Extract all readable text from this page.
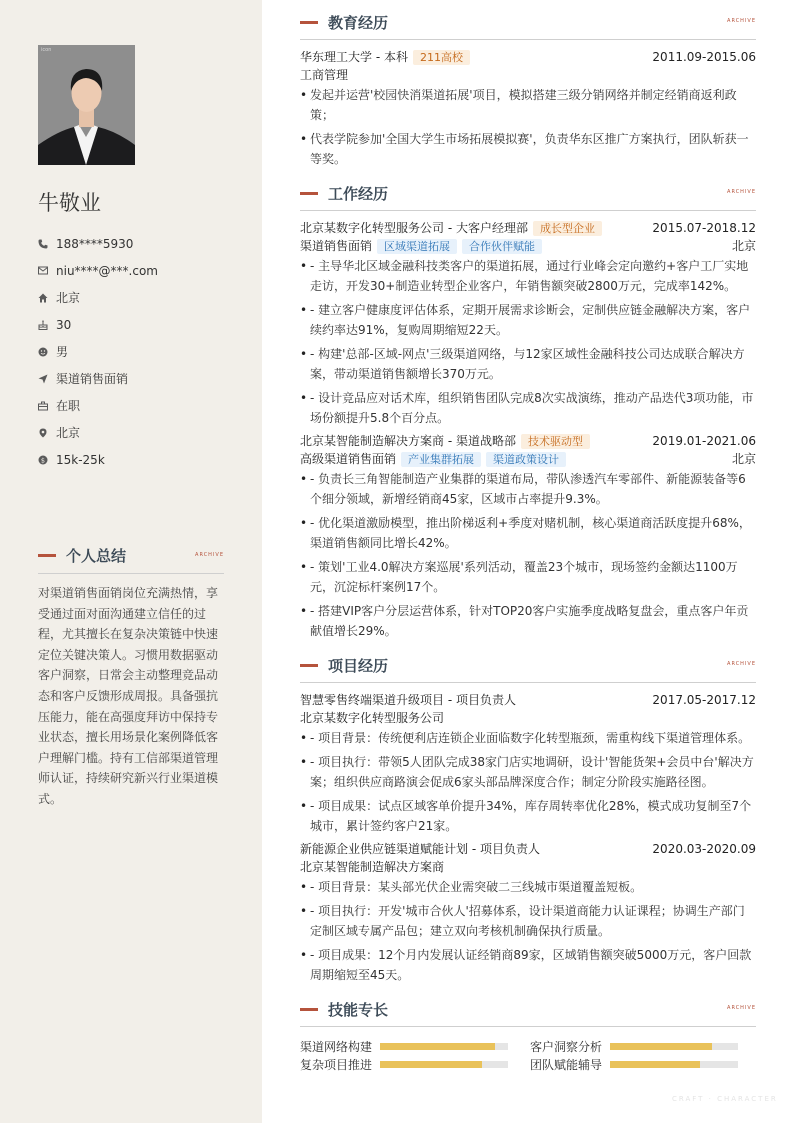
icon
牛敬业
188****5930
niu****@***.com
北京
30
男
渠道销售面销
在职
北京
$ 15k-25k
个人总结	ARCHIVE
对渠道销售面销岗位充满热情，享受通过面对面沟通建立信任的过程，尤其擅长在复杂决策链中快速定位关键决策人。习惯用数据驱动客户洞察，日常会主动整理竞品动态和客户反馈形成周报。具备强抗压能力，能在高强度拜访中保持专业状态，擅长用场景化案例降低客户理解门槛。持有工信部渠道管理师认证，持续研究新兴行业渠道模式。
教育经历	ARCHIVE
华东理工大学 - 本科	211高校	2011.09-2015.06
工商管理
• 发起并运营'校园快消渠道拓展'项目，模拟搭建三级分销网络并制定经销商返利政策；
• 代表学院参加'全国大学生市场拓展模拟赛'，负责华东区推广方案执行，团队斩获一等奖。
工作经历	ARCHIVE
北京某数字化转型服务公司 - 大客户经理部	成长型企业	2015.07-2018.12
渠道销售面销	区域渠道拓展	合作伙伴赋能	北京
• - 主导华北区域金融科技类客户的渠道拓展，通过行业峰会定向邀约+客户工厂实地走访，开发30+制造业转型企业客户，年销售额突破2800万元，完成率142%。
• - 建立客户健康度评估体系，定期开展需求诊断会，定制供应链金融解决方案，客户续约率达91%，复购周期缩短22天。
• - 构建'总部-区域-网点'三级渠道网络，与12家区域性金融科技公司达成联合解决方案，带动渠道销售额增长370万元。
• - 设计竞品应对话术库，组织销售团队完成8次实战演练，推动产品迭代3项功能，市场份额提升5.8个百分点。
北京某智能制造解决方案商 - 渠道战略部	技术驱动型	2019.01-2021.06
高级渠道销售面销	产业集群拓展	渠道政策设计	北京
• - 负责长三角智能制造产业集群的渠道布局，带队渗透汽车零部件、新能源装备等6个细分领域，新增经销商45家，区域市占率提升9.3%。
• - 优化渠道激励模型，推出阶梯返利+季度对赌机制，核心渠道商活跃度提升68%，渠道销售额同比增长42%。
• - 策划'工业4.0解决方案巡展'系列活动，覆盖23个城市，现场签约金额达1100万元，沉淀标杆案例17个。
• - 搭建VIP客户分层运营体系，针对TOP20客户实施季度战略复盘会，重点客户年贡献值增长29%。
项目经历	ARCHIVE
智慧零售终端渠道升级项目 - 项目负责人	2017.05-2017.12
北京某数字化转型服务公司
• - 项目背景：传统便利店连锁企业面临数字化转型瓶颈，需重构线下渠道管理体系。
• - 项目执行：带领5人团队完成38家门店实地调研，设计'智能货架+会员中台'解决方案；组织供应商路演会促成6家头部品牌深度合作；制定分阶段实施路径图。
• - 项目成果：试点区域客单价提升34%，库存周转率优化28%，模式成功复制至7个城市，累计签约客户21家。
新能源企业供应链渠道赋能计划 - 项目负责人	2020.03-2020.09
北京某智能制造解决方案商
• - 项目背景：某头部光伏企业需突破二三线城市渠道覆盖短板。
• - 项目执行：开发'城市合伙人'招募体系，设计渠道商能力认证课程；协调生产部门定制区域专属产品包；建立双向考核机制确保执行质量。
• - 项目成果：12个月内发展认证经销商89家，区域销售额突破5000万元，客户回款周期缩短至45天。
技能专长	ARCHIVE
渠道网络构建	客户洞察分析
复杂项目推进	团队赋能辅导
CRAFT · CHARACTER
